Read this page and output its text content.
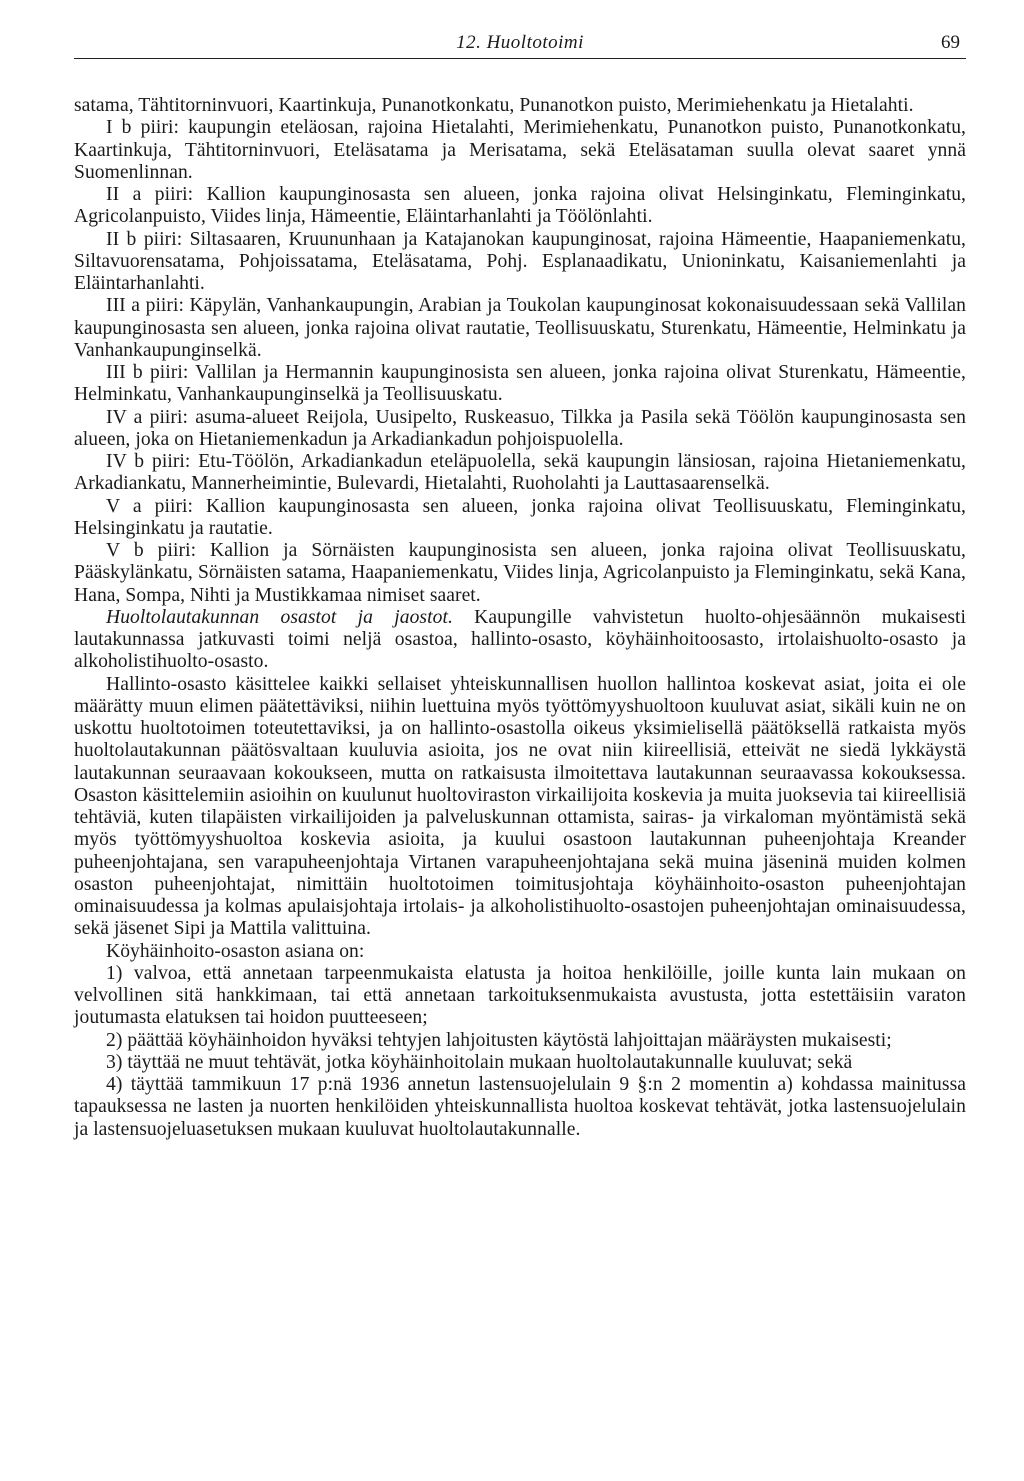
12. Huoltotoimi	69

satama, Tähtitorninvuori, Kaartinkuja, Punanotkonkatu, Punanotkon puisto, Merimiehenkatu ja Hietalahti.

I b piiri: kaupungin eteläosan, rajoina Hietalahti, Merimiehenkatu, Punanotkon puisto, Punanotkonkatu, Kaartinkuja, Tähtitorninvuori, Eteläsatama ja Merisatama, sekä Eteläsataman suulla olevat saaret ynnä Suomenlinnan.

II a piiri: Kallion kaupunginosasta sen alueen, jonka rajoina olivat Helsinginkatu, Fleminginkatu, Agricolanpuisto, Viides linja, Hämeentie, Eläintarhanlahti ja Töölönlahti.

II b piiri: Siltasaaren, Kruununhaan ja Katajanokan kaupunginosat, rajoina Hämeentie, Haapaniemenkatu, Siltavuorensatama, Pohjoissatama, Eteläsatama, Pohj. Esplanaadikatu, Unioninkatu, Kaisaniemenlahti ja Eläintarhanlahti.

III a piiri: Käpylän, Vanhankaupungin, Arabian ja Toukolan kaupunginosat kokonaisuudessaan sekä Vallilan kaupunginosasta sen alueen, jonka rajoina olivat rautatie, Teollisuuskatu, Sturenkatu, Hämeentie, Helminkatu ja Vanhankaupunginselkä.

III b piiri: Vallilan ja Hermannin kaupunginosista sen alueen, jonka rajoina olivat Sturenkatu, Hämeentie, Helminkatu, Vanhankaupunginselkä ja Teollisuuskatu.

IV a piiri: asuma-alueet Reijola, Uusipelto, Ruskeasuo, Tilkka ja Pasila sekä Töölön kaupunginosasta sen alueen, joka on Hietaniemenkadun ja Arkadiankadun pohjoispuolella.

IV b piiri: Etu-Töölön, Arkadiankadun eteläpuolella, sekä kaupungin länsiosan, rajoina Hietaniemenkatu, Arkadiankatu, Mannerheimintie, Bulevardi, Hietalahti, Ruoholahti ja Lauttasaarenselkä.

V a piiri: Kallion kaupunginosasta sen alueen, jonka rajoina olivat Teollisuuskatu, Fleminginkatu, Helsinginkatu ja rautatie.

V b piiri: Kallion ja Sörnäisten kaupunginosista sen alueen, jonka rajoina olivat Teollisuuskatu, Pääskylänkatu, Sörnäisten satama, Haapaniemenkatu, Viides linja, Agricolanpuisto ja Fleminginkatu, sekä Kana, Hana, Sompa, Nihti ja Mustikkamaa nimiset saaret.

Huoltolautakunnan osastot ja jaostot. Kaupungille vahvistetun huolto-ohjesäännön mukaisesti lautakunnassa jatkuvasti toimi neljä osastoa, hallinto-osasto, köyhäinhoitoosasto, irtolaishuolto-osasto ja alkoholistihuolto-osasto.

Hallinto-osasto käsittelee kaikki sellaiset yhteiskunnallisen huollon hallintoa koskevat asiat, joita ei ole määrätty muun elimen päätettäviksi, niihin luettuina myös työttömyyshuoltoon kuuluvat asiat, sikäli kuin ne on uskottu huoltotoimen toteutettaviksi, ja on hallinto-osastolla oikeus yksimielisellä päätöksellä ratkaista myös huoltolautakunnan päätösvaltaan kuuluvia asioita, jos ne ovat niin kiireellisiä, etteivät ne siedä lykkäystä lautakunnan seuraavaan kokoukseen, mutta on ratkaisusta ilmoitettava lautakunnan seuraavassa kokouksessa. Osaston käsittelemiin asioihin on kuulunut huoltoviraston virkailijoita koskevia ja muita juoksevia tai kiireellisiä tehtäviä, kuten tilapäisten virkailijoiden ja palveluskunnan ottamista, sairas- ja virkaloman myöntämistä sekä myös työttömyyshuoltoa koskevia asioita, ja kuului osastoon lautakunnan puheenjohtaja Kreander puheenjohtajana, sen varapuheenjohtaja Virtanen varapuheenjohtajana sekä muina jäseninä muiden kolmen osaston puheenjohtajat, nimittäin huoltotoimen toimitusjohtaja köyhäinhoito-osaston puheenjohtajan ominaisuudessa ja kolmas apulaisjohtaja irtolais- ja alkoholistihuolto-osastojen puheenjohtajan ominaisuudessa, sekä jäsenet Sipi ja Mattila valittuina.

Köyhäinhoito-osaston asiana on:

1) valvoa, että annetaan tarpeenmukaista elatusta ja hoitoa henkilöille, joille kunta lain mukaan on velvollinen sitä hankkimaan, tai että annetaan tarkoituksenmukaista avustusta, jotta estettäisiin varaton joutumasta elatuksen tai hoidon puutteeseen;

2) päättää köyhäinhoidon hyväksi tehtyjen lahjoitusten käytöstä lahjoittajan määräysten mukaisesti;

3) täyttää ne muut tehtävät, jotka köyhäinhoitolain mukaan huoltolautakunnalle kuuluvat; sekä

4) täyttää tammikuun 17 p:nä 1936 annetun lastensuojelulain 9 §:n 2 momentin a) kohdassa mainitussa tapauksessa ne lasten ja nuorten henkilöiden yhteiskunnallista huoltoa koskevat tehtävät, jotka lastensuojelulain ja lastensuojeluasetuksen mukaan kuuluvat huoltolautakunnalle.
